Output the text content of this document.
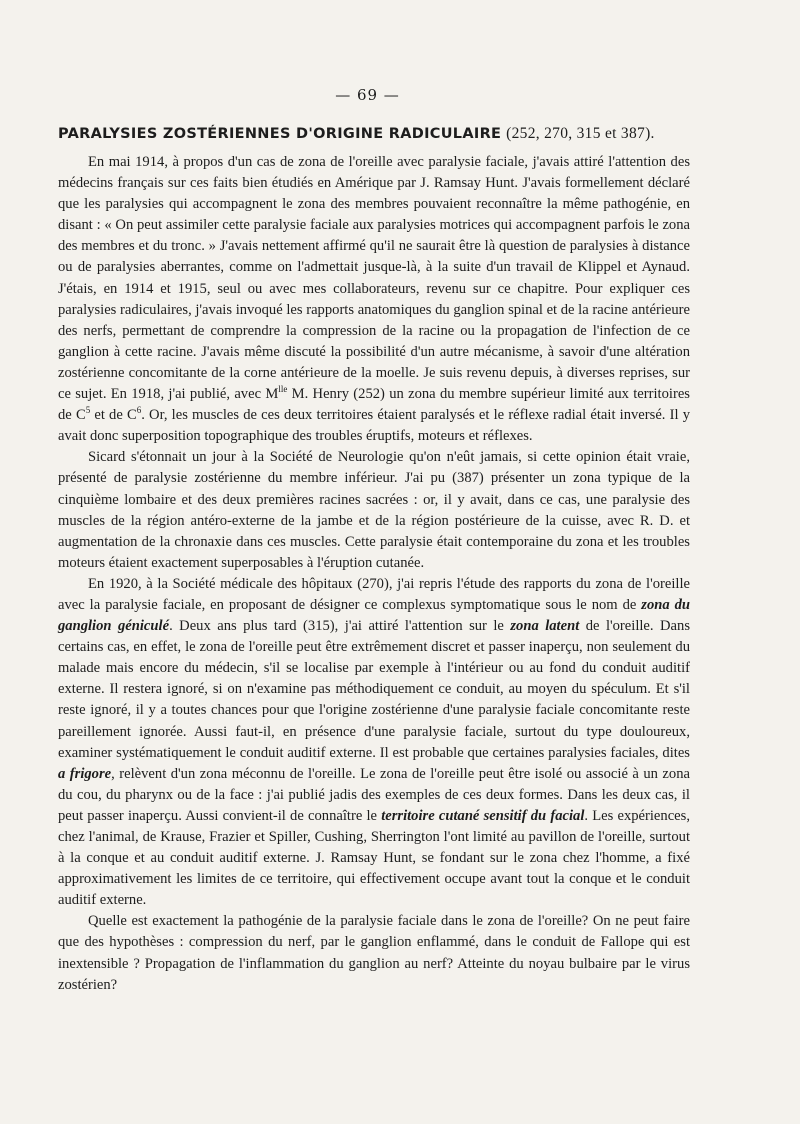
— 69 —
PARALYSIES ZOSTÉRIENNES D'ORIGINE RADICULAIRE (252, 270, 315 et 387).

En mai 1914, à propos d'un cas de zona de l'oreille avec paralysie faciale, j'avais attiré l'attention des médecins français sur ces faits bien étudiés en Amérique par J. Ramsay Hunt. J'avais formellement déclaré que les paralysies qui accompagnent le zona des membres pouvaient reconnaître la même pathogénie, en disant : « On peut assimiler cette paralysie faciale aux paralysies motrices qui accompagnent parfois le zona des membres et du tronc. » J'avais nettement affirmé qu'il ne saurait être là question de paralysies à distance ou de paralysies aberrantes, comme on l'admettait jusque-là, à la suite d'un travail de Klippel et Aynaud. J'étais, en 1914 et 1915, seul ou avec mes collaborateurs, revenu sur ce chapitre. Pour expliquer ces paralysies radiculaires, j'avais invoqué les rapports anatomiques du ganglion spinal et de la racine antérieure des nerfs, permettant de comprendre la compression de la racine ou la propagation de l'infection de ce ganglion à cette racine. J'avais même discuté la possibilité d'un autre mécanisme, à savoir d'une altération zostérienne concomitante de la corne antérieure de la moelle. Je suis revenu depuis, à diverses reprises, sur ce sujet. En 1918, j'ai publié, avec $M^{lle}$ M. Henry (252) un zona du membre supérieur limité aux territoires de $C^5$ et de $C^6$. Or, les muscles de ces deux territoires étaient paralysés et le réflexe radial était inversé. Il y avait donc superposition topographique des troubles éruptifs, moteurs et réflexes.

Sicard s'étonnait un jour à la Société de Neurologie qu'on n'eût jamais, si cette opinion était vraie, présenté de paralysie zostérienne du membre inférieur. J'ai pu (387) présenter un zona typique de la cinquième lombaire et des deux premières racines sacrées : or, il y avait, dans ce cas, une paralysie des muscles de la région antéro-externe de la jambe et de la région postérieure de la cuisse, avec R. D. et augmentation de la chronaxie dans ces muscles. Cette paralysie était contemporaine du zona et les troubles moteurs étaient exactement superposables à l'éruption cutanée.

En 1920, à la Société médicale des hôpitaux (270), j'ai repris l'étude des rapports du zona de l'oreille avec la paralysie faciale, en proposant de désigner ce complexus symptomatique sous le nom de zona du ganglion géniculé. Deux ans plus tard (315), j'ai attiré l'attention sur le zona latent de l'oreille. Dans certains cas, en effet, le zona de l'oreille peut être extrêmement discret et passer inaperçu, non seulement du malade mais encore du médecin, s'il se localise par exemple à l'intérieur ou au fond du conduit auditif externe. Il restera ignoré, si on n'examine pas méthodiquement ce conduit, au moyen du spéculum. Et s'il reste ignoré, il y a toutes chances pour que l'origine zostérienne d'une paralysie faciale concomitante reste pareillement ignorée. Aussi faut-il, en présence d'une paralysie faciale, surtout du type douloureux, examiner systématiquement le conduit auditif externe. Il est probable que certaines paralysies faciales, dites a frigore, relèvent d'un zona méconnu de l'oreille. Le zona de l'oreille peut être isolé ou associé à un zona du cou, du pharynx ou de la face : j'ai publié jadis des exemples de ces deux formes. Dans les deux cas, il peut passer inaperçu. Aussi convient-il de connaître le territoire cutané sensitif du facial. Les expériences, chez l'animal, de Krause, Frazier et Spiller, Cushing, Sherrington l'ont limité au pavillon de l'oreille, surtout à la conque et au conduit auditif externe. J. Ramsay Hunt, se fondant sur le zona chez l'homme, a fixé approximativement les limites de ce territoire, qui effectivement occupe avant tout la conque et le conduit auditif externe.

Quelle est exactement la pathogénie de la paralysie faciale dans le zona de l'oreille? On ne peut faire que des hypothèses : compression du nerf, par le ganglion enflammé, dans le conduit de Fallope qui est inextensible ? Propagation de l'inflammation du ganglion au nerf? Atteinte du noyau bulbaire par le virus zostérien?
